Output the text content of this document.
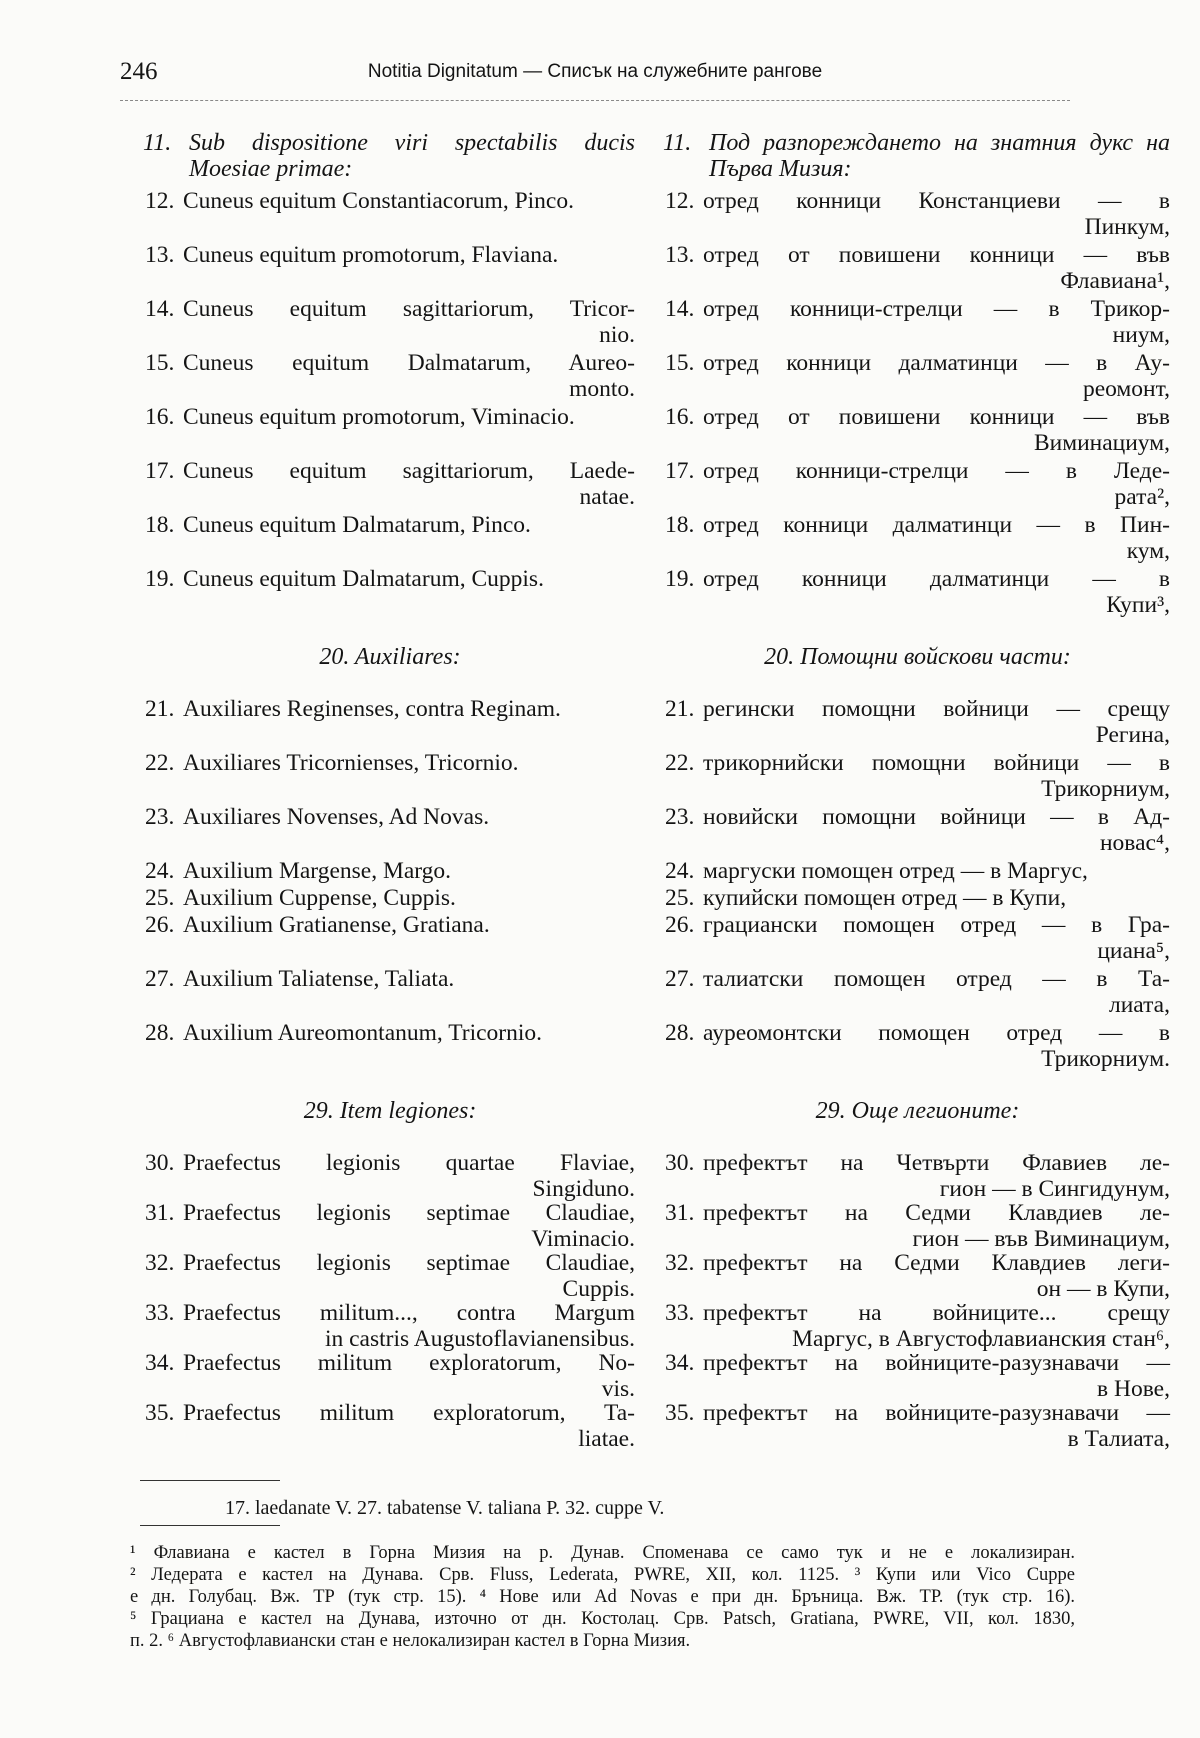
246	Notitia Dignitatum — Списък на служебните рангове
11. Sub dispositione viri spectabilis ducis Moesiae primae:
12. Cuneus equitum Constantiacorum, Pinco.
13. Cuneus equitum promotorum, Flaviana.
14. Cuneus equitum sagittariorum, Tricor-
nio.
15. Cuneus equitum Dalmatarum, Aureo-
monto.
16. Cuneus equitum promotorum, Viminacio.
17. Cuneus equitum sagittariorum, Laede-
natae.
18. Cuneus equitum Dalmatarum, Pinco.
19. Cuneus equitum Dalmatarum, Cuppis.
20. Auxiliares:
21. Auxiliares Reginenses, contra Reginam.
22. Auxiliares Tricornienses, Tricornio.
23. Auxiliares Novenses, Ad Novas.
24. Auxilium Margense, Margo.
25. Auxilium Cuppense, Cuppis.
26. Auxilium Gratianense, Gratiana.
27. Auxilium Taliatense, Taliata.
28. Auxilium Aureomontanum, Tricornio.
29. Item legiones:
30. Praefectus legionis quartae Flaviae,
Singiduno.
31. Praefectus legionis septimae Claudiae,
Viminacio.
32. Praefectus legionis septimae Claudiae,
Cuppis.
33. Praefectus militum..., contra Margum
in castris Augustoflavianensibus.
34. Praefectus militum exploratorum, No-
vis.
35. Praefectus militum exploratorum, Ta-
liatae.
11. Под разпорежданeто на знатния дукс на Първа Мизия:
12. отред конници Констанциеви — в
Пинкум,
13. отред от повишени конници — във
Флавиана¹,
14. отред конници-стрелци — в Трикор-
ниум,
15. отред конници далматинци — в Ау-
реомонт,
16. отред от повишени конници — във
Виминациум,
17. отред конници-стрелци — в Ледe-
рата²,
18. отред конници далматинци — в Пин-
кум,
19. отред конници далматинци — в
Купи³,
20. Помощни войскови части:
21. регински помощни войници — срещу
Регина,
22. трикорнийски помощни войници — в
Трикорниум,
23. новийски помощни войници — в Ад-
новас⁴,
24. маргуски помощен отред — в Маргус,
25. купийски помощен отред — в Купи,
26. грациански помощен отред — в Гра-
циана⁵,
27. талиатски помощен отред — в Та-
лиата,
28. ауреомонтски помощен отред — в
Трикорниум.
29. Още легионите:
30. префектът на Четвърти Флавиев ле-
гион — в Сингидунум,
31. префектът на Седми Клавдиев ле-
гион — във Виминациум,
32. префектът на Седми Клавдиев леги-
он — в Купи,
33. префектът на войниците... срещу
Маргус, в Августофлавианския стан⁶,
34. префектът на войниците-разузнавачи —
в Нове,
35. префектът на войниците-разузнавачи —
в Талиата,
17. laedanate V. 27. tabatense V. taliana P. 32. cuppe V.

¹ Флавиана е кастел в Горна Мизия на р. Дунав. Споменава се само тук и не е локализиран.

² Ледерата е кастел на Дунава. Срв. Fluss, Lederata, PWRE, XII, кол. 1125. ³ Купи или Vico Cuppe

е дн. Голубац. Вж. ТР (тук стр. 15). ⁴ Нове или Ad Novas е при дн. Бръница. Вж. ТР. (тук стр. 16).

⁵ Грациана е кастел на Дунава, източно от дн. Костолац. Срв. Patsch, Gratiana, PWRE, VII, кол. 1830,

п. 2. ⁶ Августофлавиански стан е нелокализиран кастел в Горна Мизия.
